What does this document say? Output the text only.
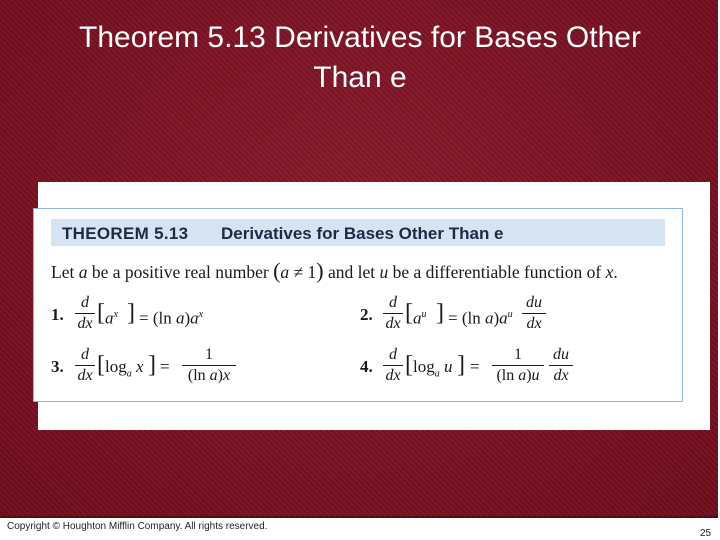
Theorem 5.13 Derivatives for Bases Other
Than e
THEOREM 5.13 Derivatives for Bases Other Than e
Let a be a positive real number (a ≠ 1) and let u be a differentiable function of x.
1.
d
dx [ $a^x$ ] = (ln $a)a^x$	2.
d
dx [ $a^u$ ] = (ln $a)a^u$
du
dx
3.
d
dx [ $\log_a x$ ] =
1
(ln a)x	4.
d
dx [ $\log_a u$ ] =
1
(ln a)u
du
dx
Copyright © Houghton Mifflin Company. All rights reserved.
25
